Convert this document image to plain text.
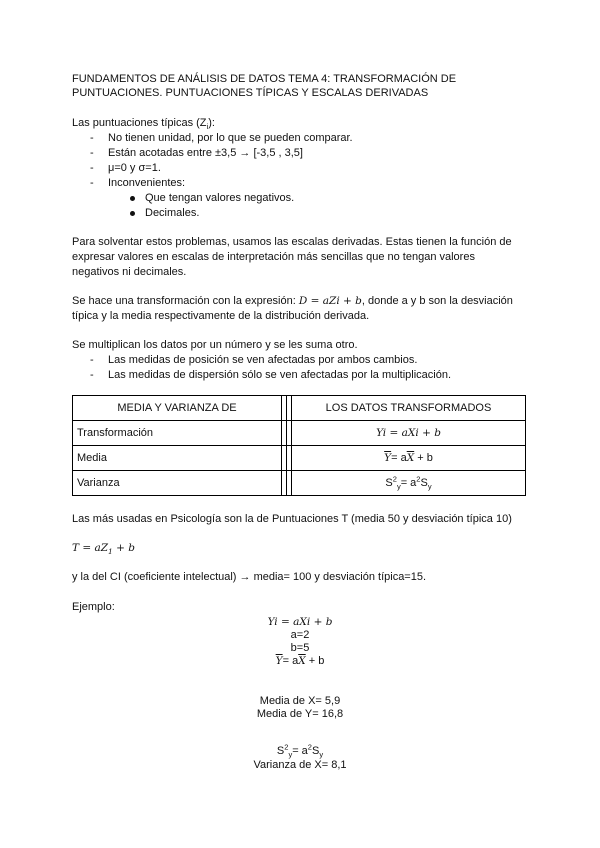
FUNDAMENTOS DE ANÁLISIS DE DATOS TEMA 4: TRANSFORMACIÓN DE
PUNTUACIONES. PUNTUACIONES TÍPICAS Y ESCALAS DERIVADAS
Las puntuaciones típicas $(Z_i)$:
- No tienen unidad, por lo que se pueden comparar.
- Están acotadas entre ±3,5 → [-3,5 , 3,5]
- μ=0 y σ=1.
- Inconvenientes:
Que tengan valores negativos.
Decimales.
Para solventar estos problemas, usamos las escalas derivadas. Estas tienen la función de
expresar valores en escalas de interpretación más sencillas que no tengan valores
negativos ni decimales.
Se hace una transformación con la expresión: D = aZi + b, donde a y b son la desviación
típica y la media respectivamente de la distribución derivada.
Se multiplican los datos por un número y se les suma otro.
- Las medidas de posición se ven afectadas por ambos cambios.
- Las medidas de dispersión sólo se ven afectadas por la multiplicación.
MEDIA Y VARIANZA DE			LOS DATOS TRANSFORMADOS
Transformación			Yi = aXi + b
Media			$\overline{Y}= a\overline{X} + b$
Varianza			$S^2_y= a^2S_y$
Las más usadas en Psicología son la de Puntuaciones T (media 50 y desviación típica 10)
$T = aZ_1 + b$
y la del CI (coeficiente intelectual) → media= 100 y desviación típica=15.
Ejemplo:
Yi = aXi + b
a=2
b=5
$\overline{Y}= a\overline{X} + b$
Media de X= 5,9
Media de Y= 16,8
$S^2_y= a^2S_y$
Varianza de X= 8,1
